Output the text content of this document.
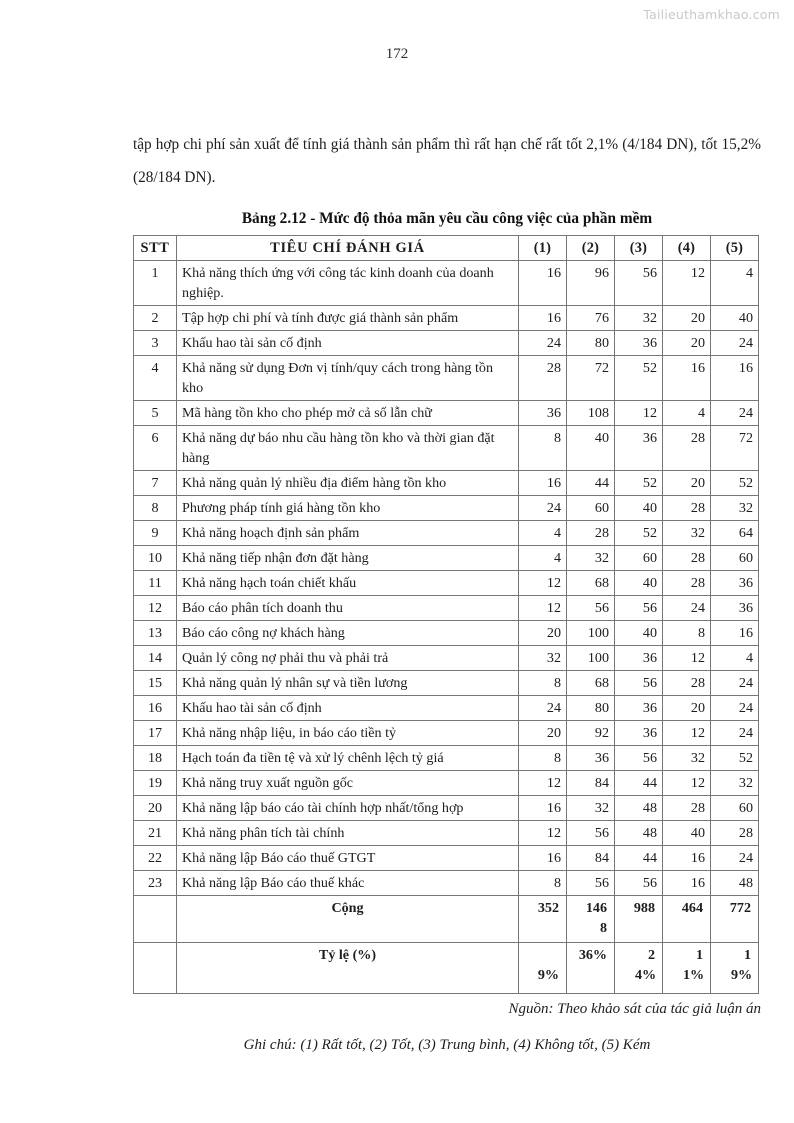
Tailieuthamkhao.com
172

tập hợp chi phí sản xuất để tính giá thành sản phẩm thì rất hạn chế rất tốt 2,1% (4/184 DN), tốt 15,2% (28/184 DN).

Bảng 2.12 - Mức độ thỏa mãn yêu cầu công việc của phần mềm
STT	TIÊU CHÍ ĐÁNH GIÁ	(1)	(2)	(3)	(4)	(5)
1	Khả năng thích ứng với công tác kinh doanh của doanh nghiệp.	16	96	56	12	4
2	Tập hợp chi phí và tính được giá thành sản phẩm	16	76	32	20	40
3	Khấu hao tài sản cố định	24	80	36	20	24
4	Khả năng sử dụng Đơn vị tính/quy cách trong hàng tồn kho	28	72	52	16	16
5	Mã hàng tồn kho cho phép mở cả số lẫn chữ	36	108	12	4	24
6	Khả năng dự báo nhu cầu hàng tồn kho và thời gian đặt hàng	8	40	36	28	72
7	Khả năng quản lý nhiều địa điểm hàng tồn kho	16	44	52	20	52
8	Phương pháp tính giá hàng tồn kho	24	60	40	28	32
9	Khả năng hoạch định sản phẩm	4	28	52	32	64
10	Khả năng tiếp nhận đơn đặt hàng	4	32	60	28	60
11	Khả năng hạch toán chiết khấu	12	68	40	28	36
12	Báo cáo phân tích doanh thu	12	56	56	24	36
13	Báo cáo công nợ khách hàng	20	100	40	8	16
14	Quản lý công nợ phải thu và phải trả	32	100	36	12	4
15	Khả năng quản lý nhân sự và tiền lương	8	68	56	28	24
16	Khấu hao tài sản cố định	24	80	36	20	24
17	Khả năng nhập liệu, in báo cáo tiền tỷ	20	92	36	12	24
18	Hạch toán đa tiền tệ và xử lý chênh lệch tỷ giá	8	36	56	32	52
19	Khả năng truy xuất nguồn gốc	12	84	44	12	32
20	Khả năng lập báo cáo tài chính hợp nhất/tổng hợp	16	32	48	28	60
21	Khả năng phân tích tài chính	12	56	48	40	28
22	Khả năng lập Báo cáo thuế GTGT	16	84	44	16	24
23	Khả năng lập Báo cáo thuế khác	8	56	56	16	48
	Cộng	352	1468	988	464	772
	Tỷ lệ (%)	9%	36%	24%	11%	19%

Nguồn: Theo khảo sát của tác giả luận án

Ghi chú: (1) Rất tốt, (2) Tốt, (3) Trung bình, (4) Không tốt, (5) Kém
